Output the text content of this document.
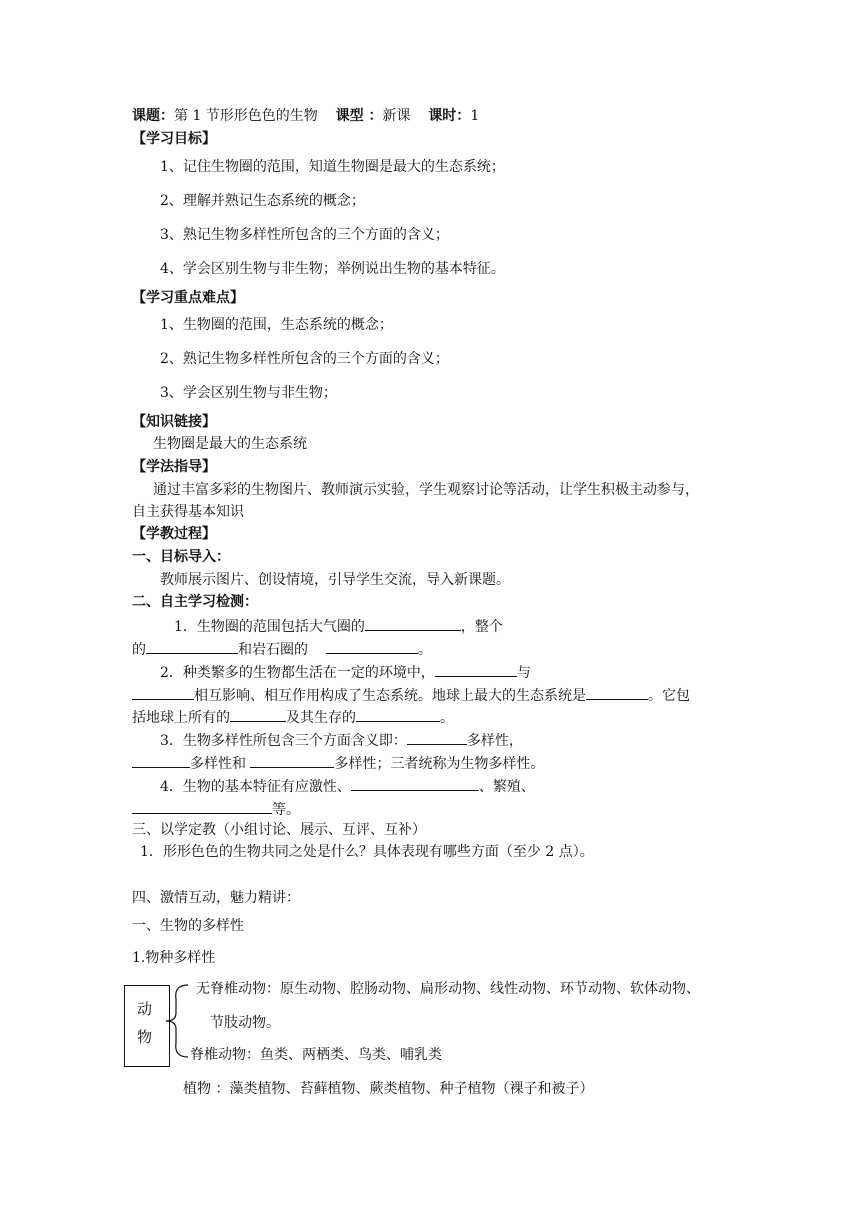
课题：第 1 节形形色色的生物 课型 ：新课 课时：1
【学习目标】
1、记住生物圈的范围，知道生物圈是最大的生态系统；
2、理解并熟记生态系统的概念；
3、熟记生物多样性所包含的三个方面的含义；
4、学会区别生物与非生物；举例说出生物的基本特征。
【学习重点难点】
1、生物圈的范围，生态系统的概念；
2、熟记生物多样性所包含的三个方面的含义；
3、学会区别生物与非生物；
【知识链接】
生物圈是最大的生态系统
【学法指导】
通过丰富多彩的生物图片、教师演示实验，学生观察讨论等活动，让学生积极主动参与，
自主获得基本知识
【学教过程】
一、目标导入：
教师展示图片、创设情境，引导学生交流，导入新课题。
二、自主学习检测：
1．生物圈的范围包括大气圈的	，整个
的	和岩石圈的	。
2．种类繁多的生物都生活在一定的环境中，	与
相互影响、相互作用构成了生态系统。地球上最大的生态系统是	。它包
括地球上所有的	及其生存的	。
3．生物多样性所包含三个方面含义即：	多样性，
多样性和	多样性；三者统称为生物多样性。
4．生物的基本特征有应激性、	、繁殖、
等。
三、以学定教（小组讨论、展示、互评、互补）
1．形形色色的生物共同之处是什么？具体表现有哪些方面（至少 2 点）。
四、激情互动，魅力精讲：
一、生物的多样性
1.物种多样性
动
物
无脊椎动物：原生动物、腔肠动物、扁形动物、线性动物、环节动物、软体动物、
节肢动物。
脊椎动物：鱼类、两栖类、鸟类、哺乳类
植物 ：藻类植物、苔藓植物、蕨类植物、种子植物（裸子和被子）
